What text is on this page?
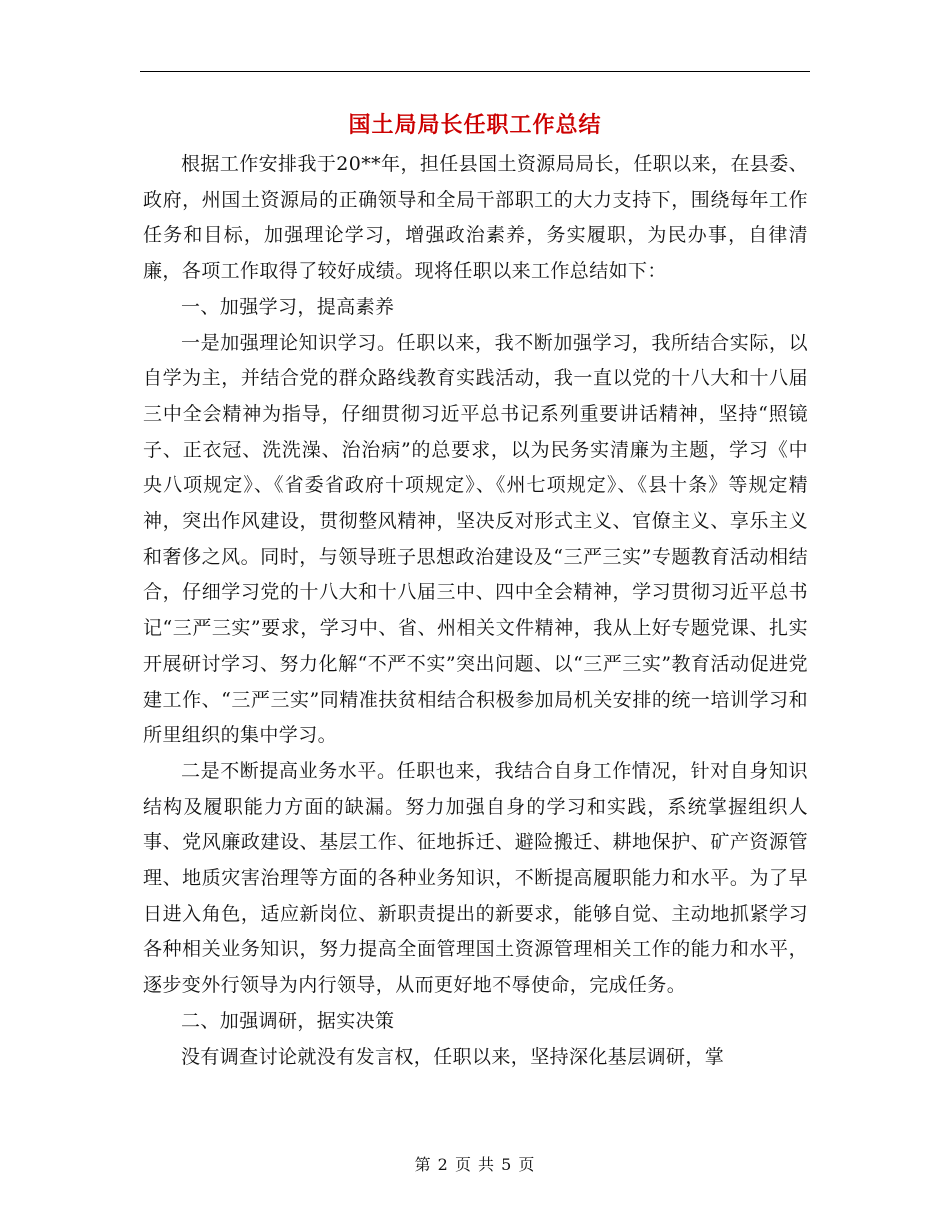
国土局局长任职工作总结

根据工作安排我于20**年，担任县国土资源局局长，任职以来，在县委、政府，州国土资源局的正确领导和全局干部职工的大力支持下，围绕每年工作任务和目标，加强理论学习，增强政治素养，务实履职，为民办事，自律清廉，各项工作取得了较好成绩。现将任职以来工作总结如下：

一、加强学习，提高素养

一是加强理论知识学习。任职以来，我不断加强学习，我所结合实际，以自学为主，并结合党的群众路线教育实践活动，我一直以党的十八大和十八届三中全会精神为指导，仔细贯彻习近平总书记系列重要讲话精神，坚持“照镜子、正衣冠、洗洗澡、治治病”的总要求，以为民务实清廉为主题，学习《中央八项规定》、《省委省政府十项规定》、《州七项规定》、《县十条》等规定精神，突出作风建设，贯彻整风精神，坚决反对形式主义、官僚主义、享乐主义和奢侈之风。同时，与领导班子思想政治建设及“三严三实”专题教育活动相结合，仔细学习党的十八大和十八届三中、四中全会精神，学习贯彻习近平总书记“三严三实”要求，学习中、省、州相关文件精神，我从上好专题党课、扎实开展研讨学习、努力化解“不严不实”突出问题、以“三严三实”教育活动促进党建工作、“三严三实”同精准扶贫相结合积极参加局机关安排的统一培训学习和所里组织的集中学习。

二是不断提高业务水平。任职也来，我结合自身工作情况，针对自身知识结构及履职能力方面的缺漏。努力加强自身的学习和实践，系统掌握组织人事、党风廉政建设、基层工作、征地拆迁、避险搬迁、耕地保护、矿产资源管理、地质灾害治理等方面的各种业务知识，不断提高履职能力和水平。为了早日进入角色，适应新岗位、新职责提出的新要求，能够自觉、主动地抓紧学习各种相关业务知识，努力提高全面管理国土资源管理相关工作的能力和水平，逐步变外行领导为内行领导，从而更好地不辱使命，完成任务。

二、加强调研，据实决策

没有调查讨论就没有发言权，任职以来，坚持深化基层调研，掌

第 2 页 共 5 页
